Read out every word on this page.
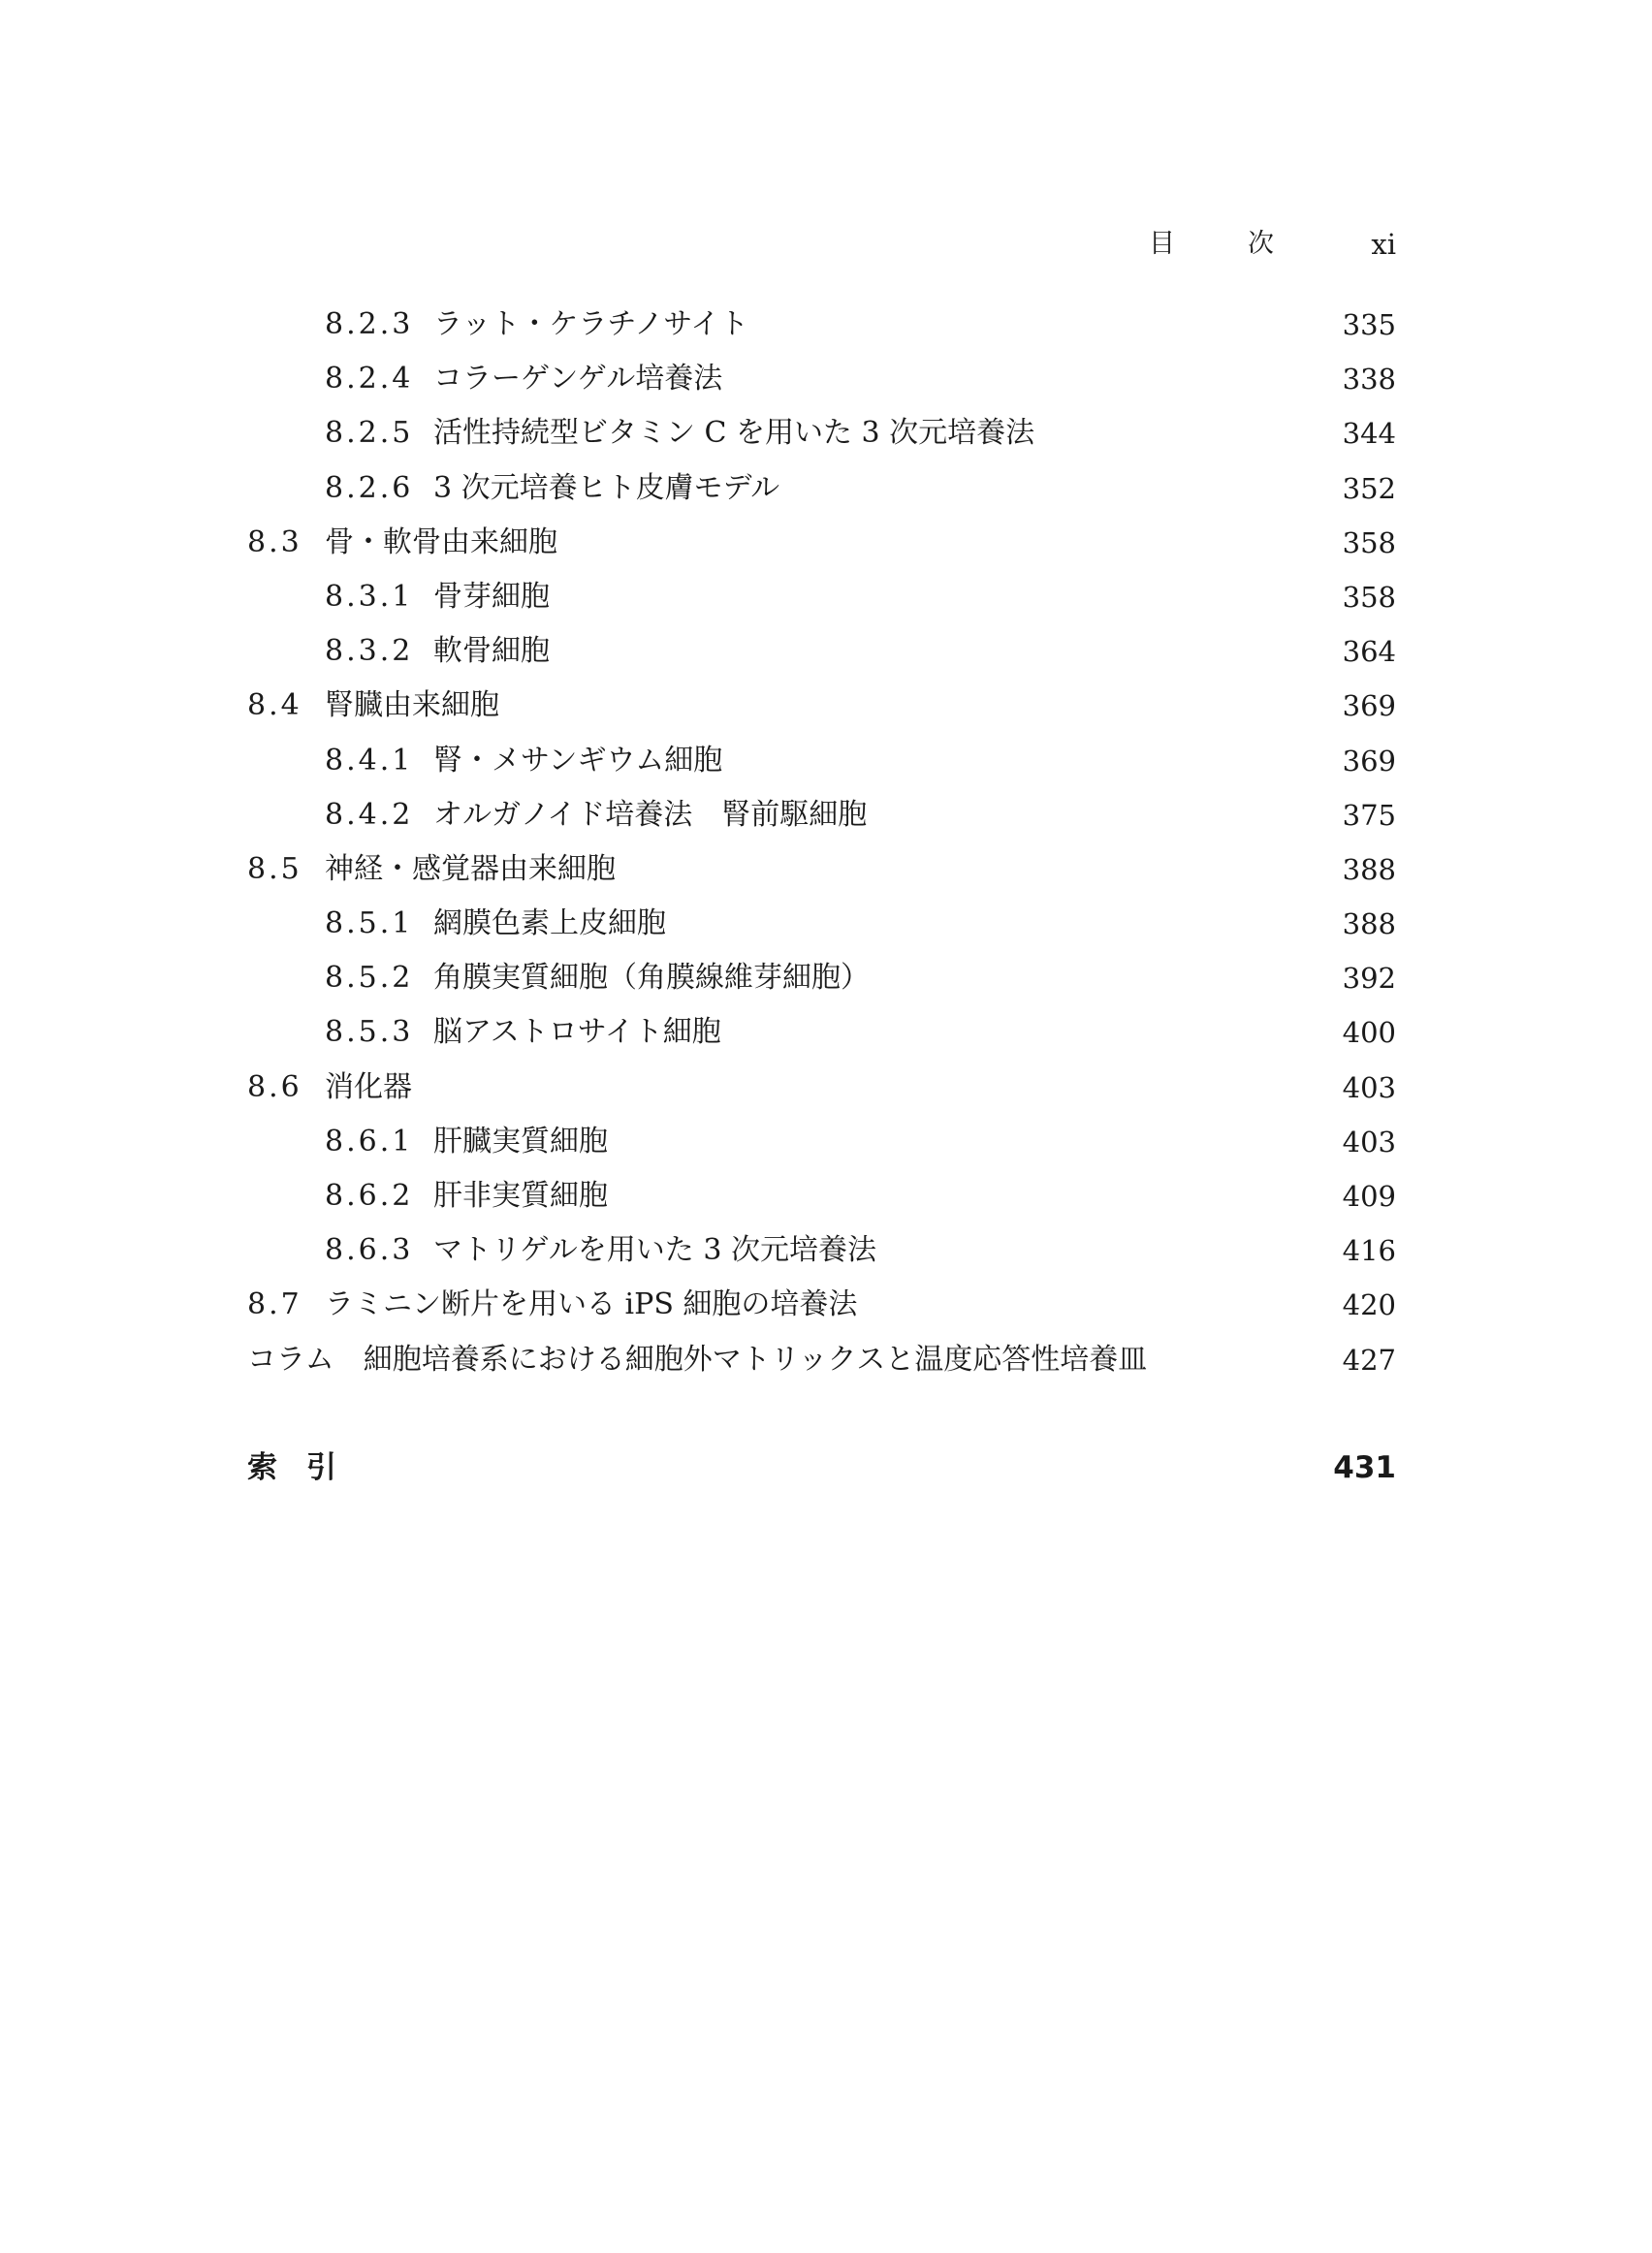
目	次	xi
8.2.3 ラット・ケラチノサイト	335
8.2.4 コラーゲンゲル培養法	338
8.2.5 活性持続型ビタミン C を用いた 3 次元培養法	344
8.2.6 3 次元培養ヒト皮膚モデル	352
8.3 骨・軟骨由来細胞	358
8.3.1 骨芽細胞	358
8.3.2 軟骨細胞	364
8.4 腎臓由来細胞	369
8.4.1 腎・メサンギウム細胞	369
8.4.2 オルガノイド培養法　腎前駆細胞	375
8.5 神経・感覚器由来細胞	388
8.5.1 網膜色素上皮細胞	388
8.5.2 角膜実質細胞（角膜線維芽細胞）	392
8.5.3 脳アストロサイト細胞	400
8.6 消化器	403
8.6.1 肝臓実質細胞	403
8.6.2 肝非実質細胞	409
8.6.3 マトリゲルを用いた 3 次元培養法	416
8.7 ラミニン断片を用いる iPS 細胞の培養法	420
コラム　細胞培養系における細胞外マトリックスと温度応答性培養皿	427
索引	431
